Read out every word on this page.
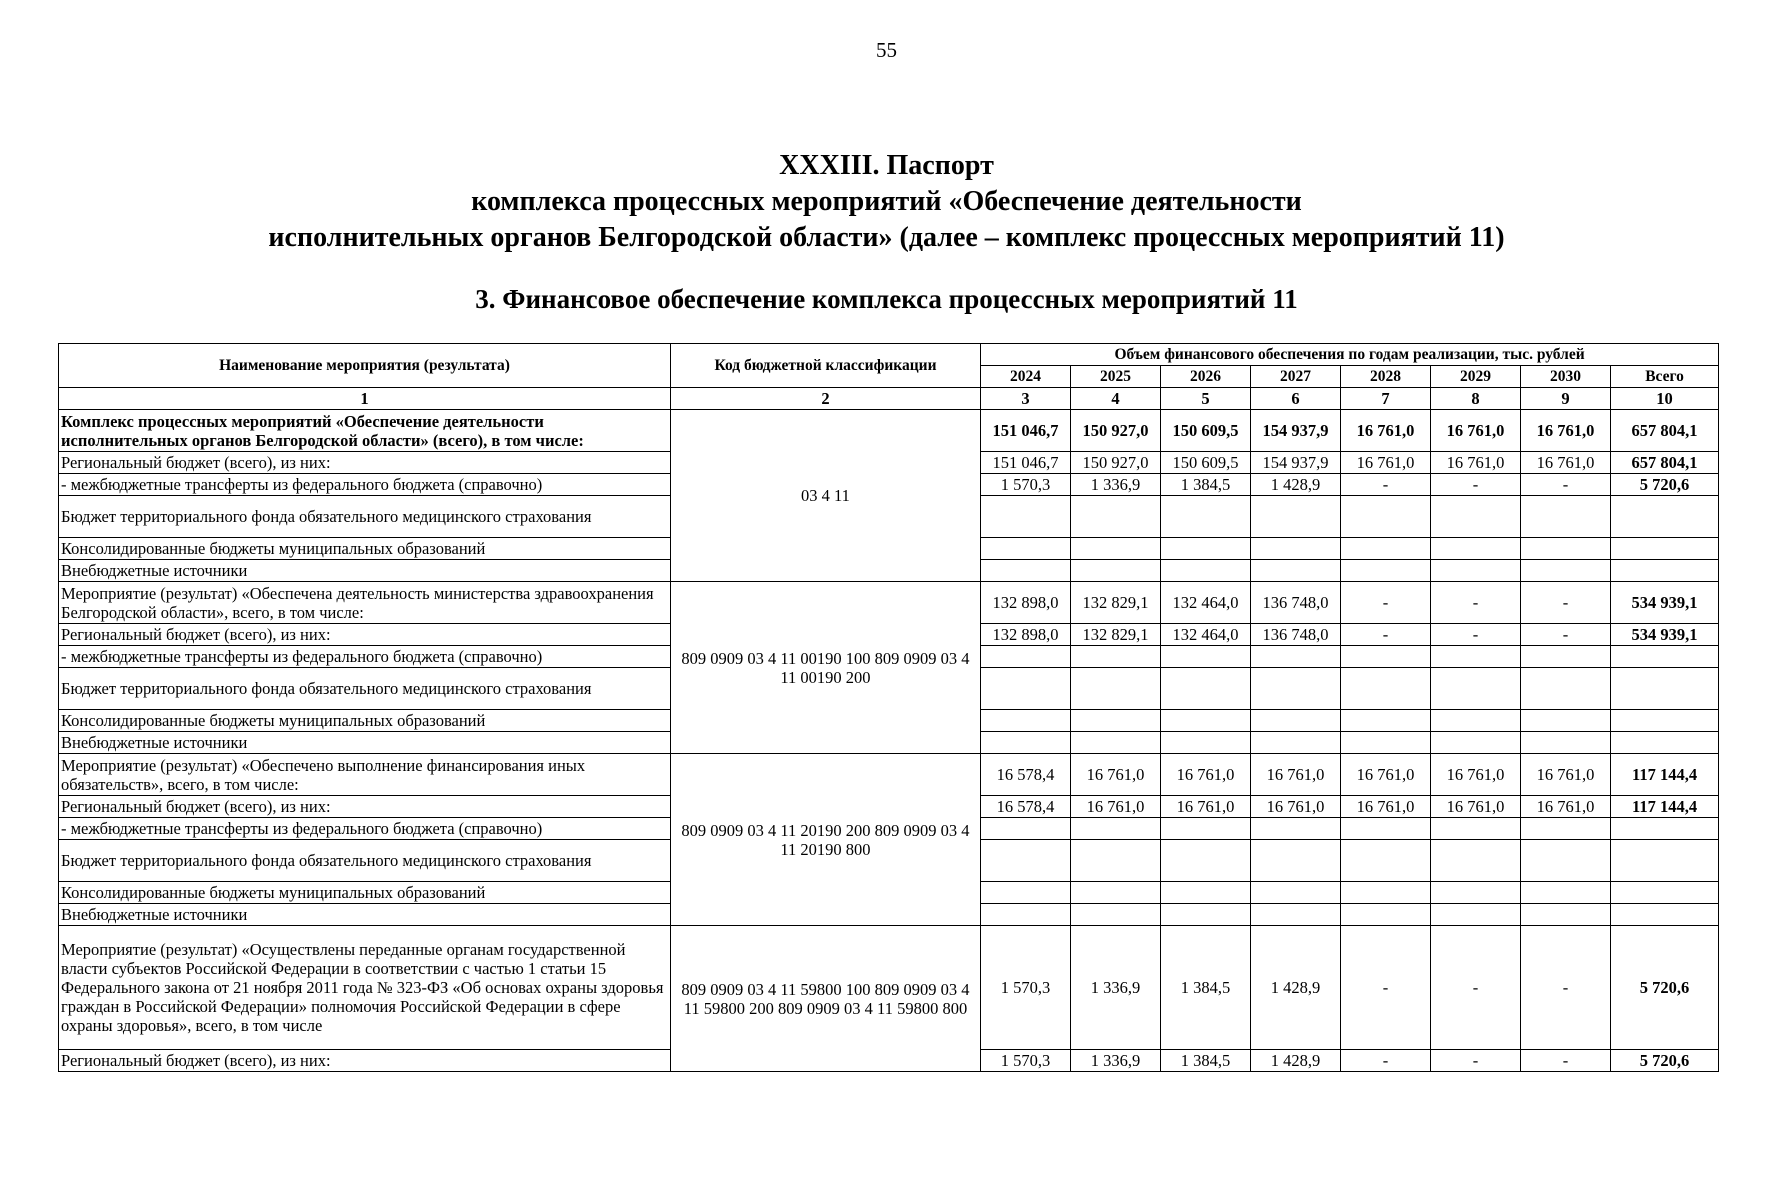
55
XXXIII. Паспорт
комплекса процессных мероприятий «Обеспечение деятельности
исполнительных органов Белгородской области» (далее – комплекс процессных мероприятий 11)
3. Финансовое обеспечение комплекса процессных мероприятий 11
Наименование мероприятия (результата)	Код бюджетной классификации	Объем финансового обеспечения по годам реализации, тыс. рублей							
		2024	2025	2026	2027	2028	2029	2030	Всего
1	2	3	4	5	6	7	8	9	10
Комплекс процессных мероприятий «Обеспечение деятельности исполнительных органов Белгородской области» (всего), в том числе:	03 4 11	151 046,7	150 927,0	150 609,5	154 937,9	16 761,0	16 761,0	16 761,0	657 804,1
Региональный бюджет (всего), из них:		151 046,7	150 927,0	150 609,5	154 937,9	16 761,0	16 761,0	16 761,0	657 804,1
- межбюджетные трансферты из федерального бюджета (справочно)		1 570,3	1 336,9	1 384,5	1 428,9	-	-	-	5 720,6
Бюджет территориального фонда обязательного медицинского страхования									
Консолидированные бюджеты муниципальных образований									
Внебюджетные источники									
Мероприятие (результат) «Обеспечена деятельность министерства здравоохранения Белгородской области», всего, в том числе:	809 0909 03 4 11 00190 100 809 0909 03 4 11 00190 200	132 898,0	132 829,1	132 464,0	136 748,0	-	-	-	534 939,1
Региональный бюджет (всего), из них:		132 898,0	132 829,1	132 464,0	136 748,0	-	-	-	534 939,1
- межбюджетные трансферты из федерального бюджета (справочно)									
Бюджет территориального фонда обязательного медицинского страхования									
Консолидированные бюджеты муниципальных образований									
Внебюджетные источники									
Мероприятие (результат) «Обеспечено выполнение финансирования иных обязательств», всего, в том числе:	809 0909 03 4 11 20190 200 809 0909 03 4 11 20190 800	16 578,4	16 761,0	16 761,0	16 761,0	16 761,0	16 761,0	16 761,0	117 144,4
Региональный бюджет (всего), из них:		16 578,4	16 761,0	16 761,0	16 761,0	16 761,0	16 761,0	16 761,0	117 144,4
- межбюджетные трансферты из федерального бюджета (справочно)									
Бюджет территориального фонда обязательного медицинского страхования									
Консолидированные бюджеты муниципальных образований									
Внебюджетные источники									
Мероприятие (результат) «Осуществлены переданные органам государственной власти субъектов Российской Федерации в соответствии с частью 1 статьи 15 Федерального закона от 21 ноября 2011 года № 323-ФЗ «Об основах охраны здоровья граждан в Российской Федерации» полномочия Российской Федерации в сфере охраны здоровья», всего, в том числе	809 0909 03 4 11 59800 100 809 0909 03 4 11 59800 200 809 0909 03 4 11 59800 800	1 570,3	1 336,9	1 384,5	1 428,9	-	-	-	5 720,6
Региональный бюджет (всего), из них:		1 570,3	1 336,9	1 384,5	1 428,9	-	-	-	5 720,6
